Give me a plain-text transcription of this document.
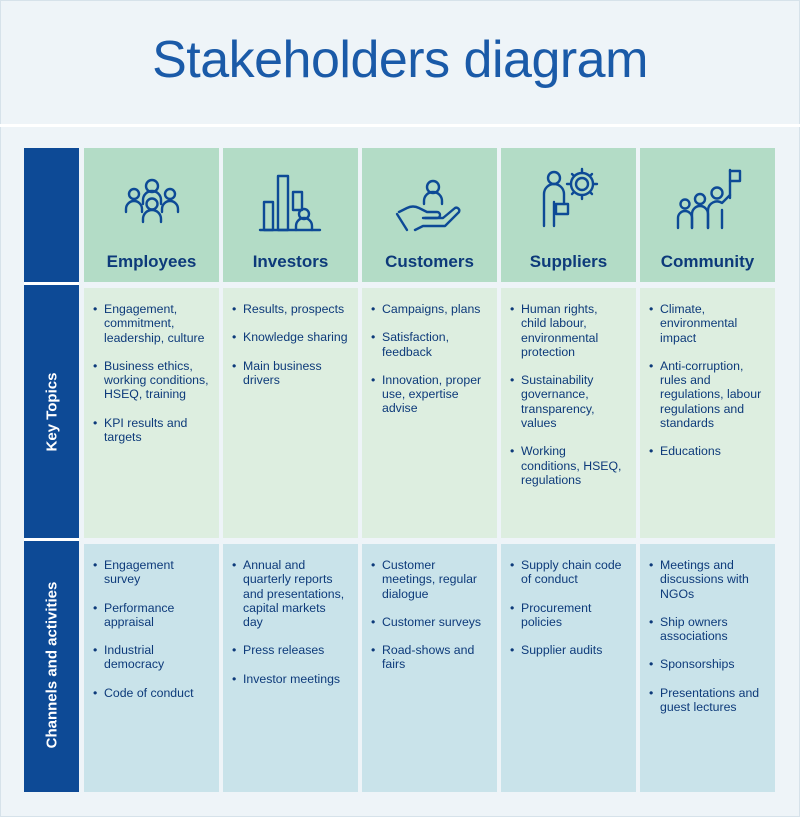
Stakeholders diagram
Key Topics
Channels and activities
Employees
• Engagement, commitment, leadership, culture
• Business ethics, working conditions, HSEQ, training
• KPI results and targets
• Engagement survey
• Performance appraisal
• Industrial democracy
• Code of conduct
Investors
• Results, prospects
• Knowledge sharing
• Main business drivers
• Annual and quarterly reports and presentations, capital markets day
• Press releases
• Investor meetings
Customers
• Campaigns, plans
• Satisfaction, feedback
• Innovation, proper use, expertise advise
• Customer meetings, regular dialogue
• Customer surveys
• Road-shows and fairs
Suppliers
• Human rights, child labour, environmental protection
• Sustainability governance, transparency, values
• Working conditions, HSEQ, regulations
• Supply chain code of conduct
• Procurement policies
• Supplier audits
Community
• Climate, environmental impact
• Anti-corruption, rules and regulations, labour regulations and standards
• Educations
• Meetings and discussions with NGOs
• Ship owners associations
• Sponsorships
• Presentations and guest lectures
